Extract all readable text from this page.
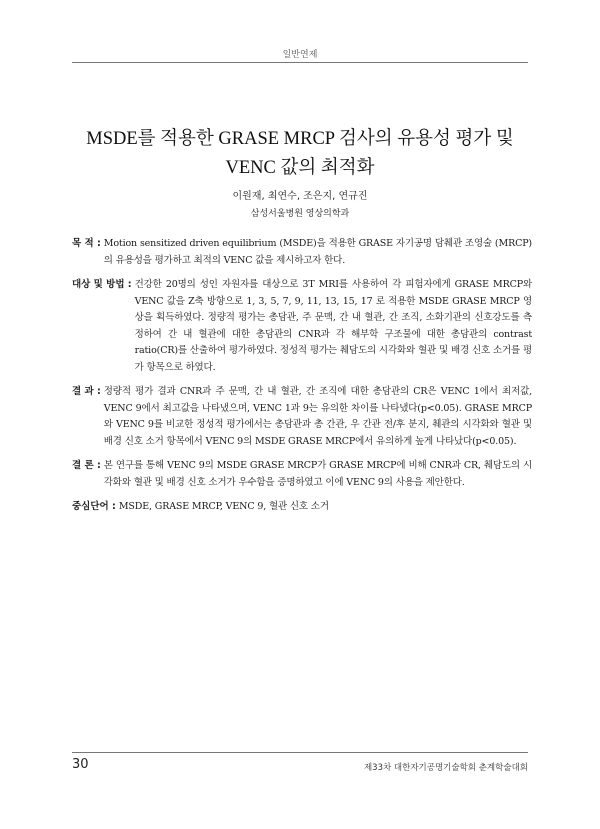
일반연제
MSDE를 적용한 GRASE MRCP 검사의 유용성 평가 및
VENC 값의 최적화
이원재, 최연수, 조은지, 연규진
삼성서울병원 영상의학과
목 적 : Motion sensitized driven equilibrium (MSDE)을 적용한 GRASE 자기공명 담췌관 조영술 (MRCP)의 유용성을 평가하고 최적의 VENC 값을 제시하고자 한다.
대상 및 방법 : 건강한 20명의 성인 자원자를 대상으로 3T MRI를 사용하여 각 피험자에게 GRASE MRCP와 VENC 값을 Z축 방향으로 1, 3, 5, 7, 9, 11, 13, 15, 17 로 적용한 MSDE GRASE MRCP 영상을 획득하였다. 정량적 평가는 총담관, 주 문맥, 간 내 혈관, 간 조직, 소화기관의 신호강도를 측정하여 간 내 혈관에 대한 총담관의 CNR과 각 해부학 구조물에 대한 총담관의 contrast ratio(CR)를 산출하여 평가하였다. 정성적 평가는 췌담도의 시각화와 혈관 및 배경 신호 소거를 평가 항목으로 하였다.
결 과 : 정량적 평가 결과 CNR과 주 문맥, 간 내 혈관, 간 조직에 대한 총담관의 CR은 VENC 1에서 최저값, VENC 9에서 최고값을 나타냈으며, VENC 1과 9는 유의한 차이를 나타냈다(p<0.05). GRASE MRCP와 VENC 9를 비교한 정성적 평가에서는 총담관과 총 간관, 우 간관 전/후 분지, 췌관의 시각화와 혈관 및 배경 신호 소거 항목에서 VENC 9의 MSDE GRASE MRCP에서 유의하게 높게 나타났다(p<0.05).
결 론 : 본 연구를 통해 VENC 9의 MSDE GRASE MRCP가 GRASE MRCP에 비해 CNR과 CR, 췌담도의 시각화와 혈관 및 배경 신호 소거가 우수함을 증명하였고 이에 VENC 9의 사용을 제안한다.
중심단어 : MSDE, GRASE MRCP, VENC 9, 혈관 신호 소거
30	제33차 대한자기공명기술학회 춘계학술대회
